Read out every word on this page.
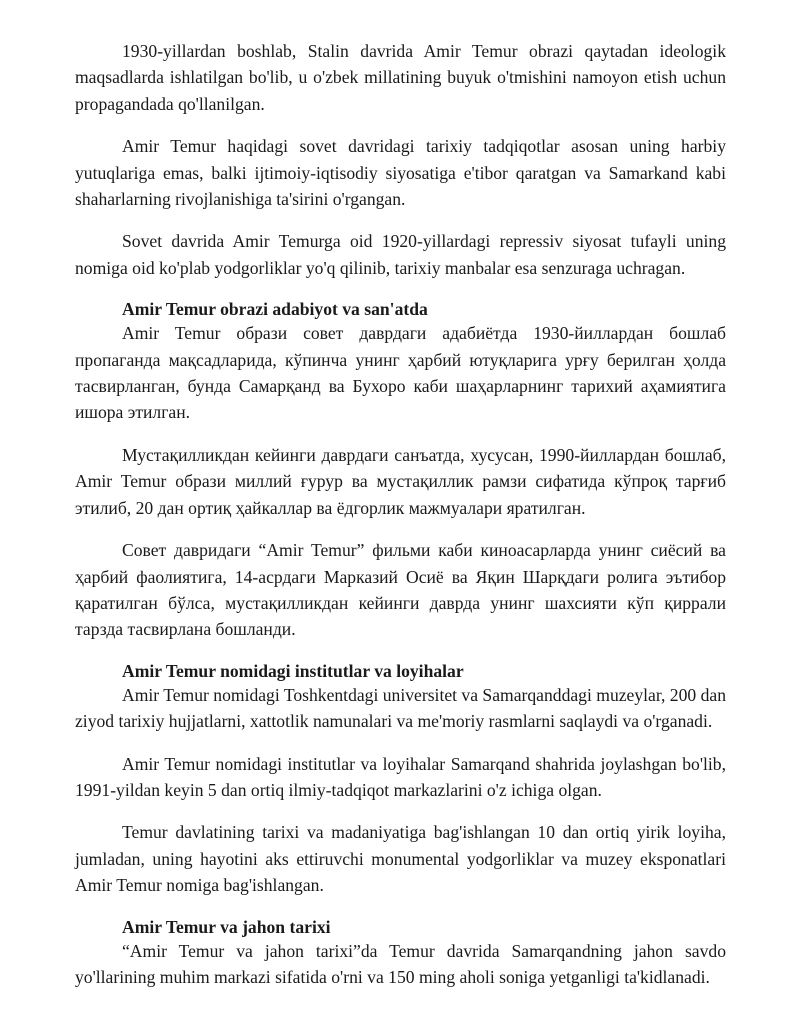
1930-yillardan boshlab, Stalin davrida Amir Temur obrazi qaytadan ideologik maqsadlarda ishlatilgan bo'lib, u o'zbek millatining buyuk o'tmishini namoyon etish uchun propagandada qo'llanilgan.

Amir Temur haqidagi sovet davridagi tarixiy tadqiqotlar asosan uning harbiy yutuqlariga emas, balki ijtimoiy-iqtisodiy siyosatiga e'tibor qaratgan va Samarkand kabi shaharlarning rivojlanishiga ta'sirini o'rgangan.

Sovet davrida Amir Temurga oid 1920-yillardagi repressiv siyosat tufayli uning nomiga oid ko'plab yodgorliklar yo'q qilinib, tarixiy manbalar esa senzuraga uchragan.

Amir Temur obrazi adabiyot va san'atda

Amir Temur образи совет даврдаги адабиётда 1930-йиллардан бошлаб пропаганда мақсадларида, кўпинча унинг ҳарбий ютуқларига урғу берилган ҳолда тасвирланган, бунда Самарқанд ва Бухоро каби шаҳарларнинг тарихий аҳамиятига ишора этилган.

Мустақилликдан кейинги даврдаги санъатда, хусусан, 1990-йиллардан бошлаб, Amir Temur образи миллий ғурур ва мустақиллик рамзи сифатида кўпроқ тарғиб этилиб, 20 дан ортиқ ҳайкаллар ва ёдгорлик мажмуалари яратилган.

Совет давридаги “Amir Temur” фильми каби киноасарларда унинг сиёсий ва ҳарбий фаолиятига, 14-асрдаги Марказий Осиё ва Яқин Шарқдаги ролига эътибор қаратилган бўлса, мустақилликдан кейинги даврда унинг шахсияти кўп қиррали тарзда тасвирлана бошланди.

Amir Temur nomidagi institutlar va loyihalar

Amir Temur nomidagi Toshkentdagi universitet va Samarqanddagi muzeylar, 200 dan ziyod tarixiy hujjatlarni, xattotlik namunalari va me'moriy rasmlarni saqlaydi va o'rganadi.

Amir Temur nomidagi institutlar va loyihalar Samarqand shahrida joylashgan bo'lib, 1991-yildan keyin 5 dan ortiq ilmiy-tadqiqot markazlarini o'z ichiga olgan.

Temur davlatining tarixi va madaniyatiga bag'ishlangan 10 dan ortiq yirik loyiha, jumladan, uning hayotini aks ettiruvchi monumental yodgorliklar va muzey eksponatlari Amir Temur nomiga bag'ishlangan.

Amir Temur va jahon tarixi

“Amir Temur va jahon tarixi”da Temur davrida Samarqandning jahon savdo yo'llarining muhim markazi sifatida o'rni va 150 ming aholi soniga yetganligi ta'kidlanadi.
